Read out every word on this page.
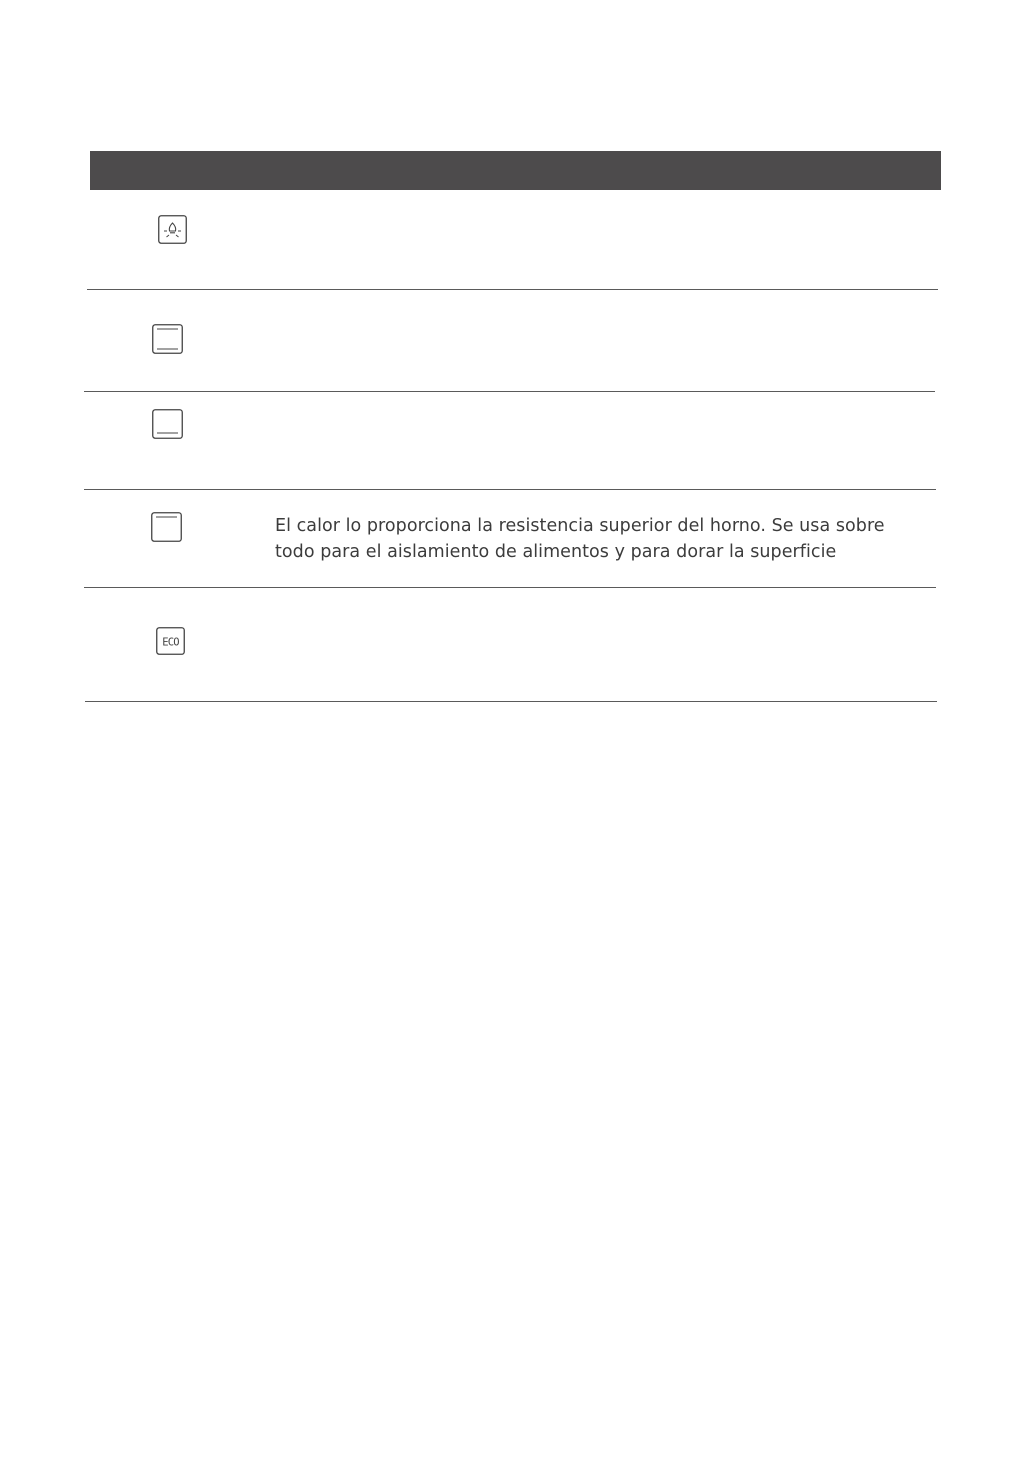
El calor lo proporciona la resistencia superior del horno. Se usa sobre
todo para el aislamiento de alimentos y para dorar la superficie
ECO
